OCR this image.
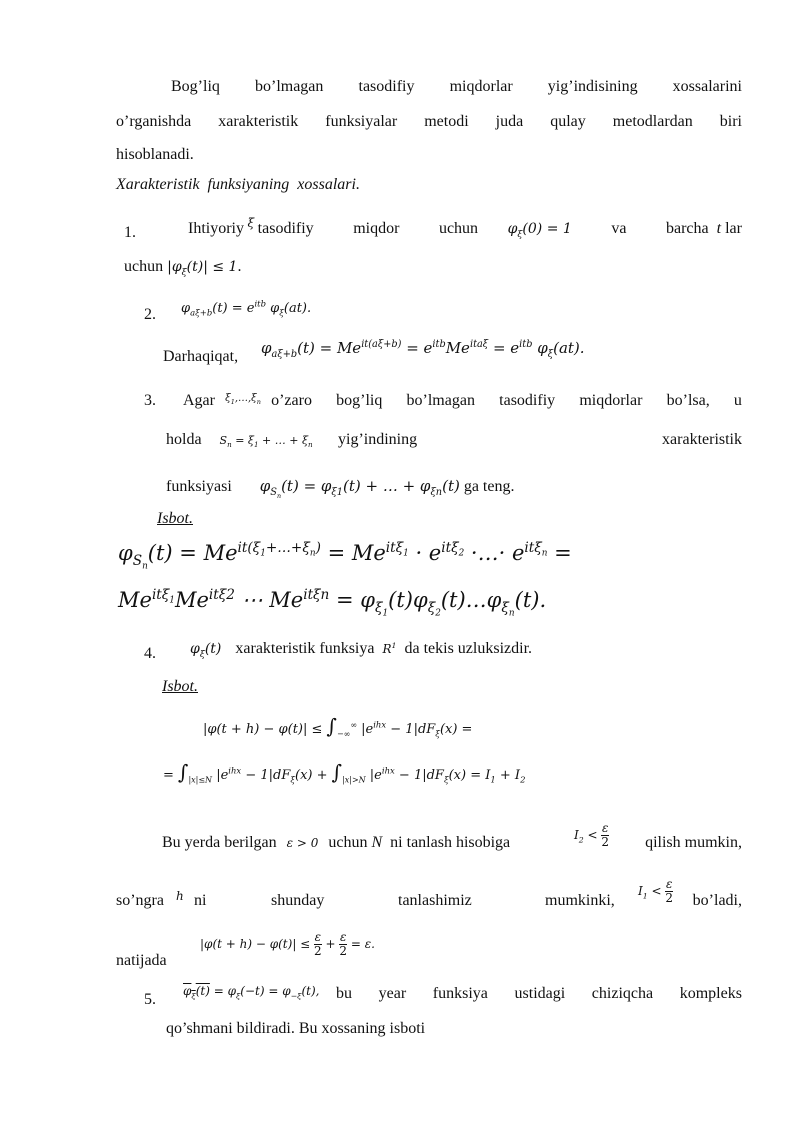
Bog’liq bo’lmagan tasodifiy miqdorlar yig’indisining xossalarini
o’rganishda xarakteristik funksiyalar metodi juda qulay metodlardan biri
hisoblanadi.
Xarakteristik funksiyaning xossalari.
1.	Ihtiyoriy ξ tasodifiy miqdor uchun $\varphi_\xi(0) = 1$ va barcha t lar
uchun $|\varphi_\xi(t)| \le 1$.
2. $\varphi_{a\xi+b}(t) = e^{itb}$ $\varphi_\xi(at)$.
Darhaqiqat, $\varphi_{a\xi+b}(t) = Me^{it(a\xi+b)} = e^{itb}Me^{ita\xi} = e^{itb}$ $\varphi_\xi(at)$.
3. Agar $\xi_1,\dots,\xi_n$ o’zaro bog’liq bo’lmagan tasodifiy miqdorlar bo’lsa, u
holda $S_n = \xi_1$ + … + $\xi_n$ yig’indining	xarakteristik
funksiyasi $\varphi_{S_n}(t) = \varphi_{\xi 1}(t)$ + … + $\varphi_{\xi n}(t)$ ga teng.
Isbot.
$\varphi_{S_n}(t) = Me^{it(\xi_1+\dots+\xi_n)} = Me^{it\xi_1} \cdot e^{it\xi_2}$ ·…· $e^{it\xi_n}$ =
$Me^{it\xi_1}Me^{it\xi 2}$ ⋯ $Me^{it\xi n}$ = $\varphi_{\xi_1}(t)\varphi_{\xi_2}(t)\dots\varphi_{\xi_n}(t)$.
4. $\varphi_\xi(t)$ xarakteristik funksiya $R^1$ da tekis uzluksizdir.
Isbot.
$|\varphi(t + h) - \varphi(t)| \le \int_{-\infty}^\infty$ $|e^{ihx} - 1|dF_\xi(x)$ =
= $\int_{|x|\le N}$ $|e^{ihx} - 1|dF_\xi(x) + \int_{|x|>N}$ $|e^{ihx} - 1|dF_\xi(x) = I_1 + I_2$
Bu yerda berilgan ε > 0 uchun N ni tanlash hisobiga	$I_2 < \frac{\varepsilon}{2}$ qilish mumkin,
so’ngra h ni	shunday	tanlashimiz	mumkinki,
$I_1 < \frac{\varepsilon}{2}$ bo’ladi,
natijada
$|\varphi(t + h) - \varphi(t)| \le \frac{\varepsilon}{2} + \frac{\varepsilon}{2} = \varepsilon$.
5. $\varphi_\xi(t) = \varphi_\xi(-t) = \varphi_{-\xi}(t)$, bu year funksiya ustidagi chiziqcha kompleks
qo’shmani bildiradi. Bu xossaning isboti
